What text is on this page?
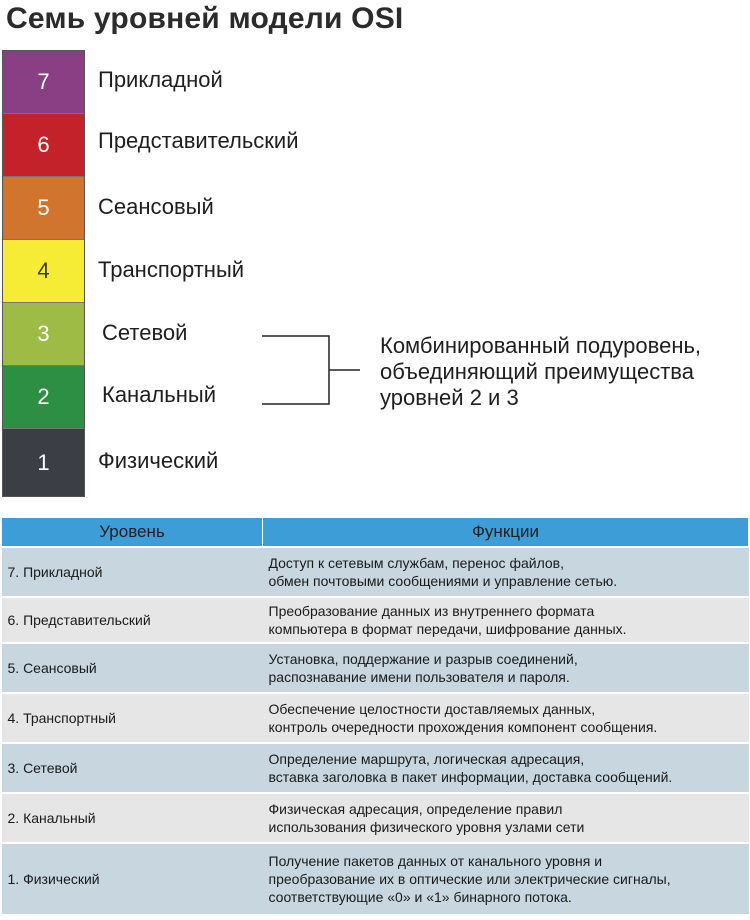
Семь уровней модели OSI
7
6
5
4
3
2
1
Прикладной
Представительский
Сеансовый
Транспортный
Сетевой
Канальный
Физический
Комбинированный подуровень,
объединяющий преимущества
уровней 2 и 3
Уровень	Функции
7. Прикладной	Доступ к сетевым службам, перенос файлов,
обмен почтовыми сообщениями и управление сетью.
6. Представительский	Преобразование данных из внутреннего формата
компьютера в формат передачи, шифрование данных.
5. Сеансовый	Установка, поддержание и разрыв соединений,
распознавание имени пользователя и пароля.
4. Транспортный	Обеспечение целостности доставляемых данных,
контроль очередности прохождения компонент сообщения.
3. Сетевой	Определение маршрута, логическая адресация,
вставка заголовка в пакет информации, доставка сообщений.
2. Канальный	Физическая адресация, определение правил
использования физического уровня узлами сети
1. Физический	Получение пакетов данных от канального уровня и
преобразование их в оптические или электрические сигналы,
соответствующие «0» и «1» бинарного потока.
